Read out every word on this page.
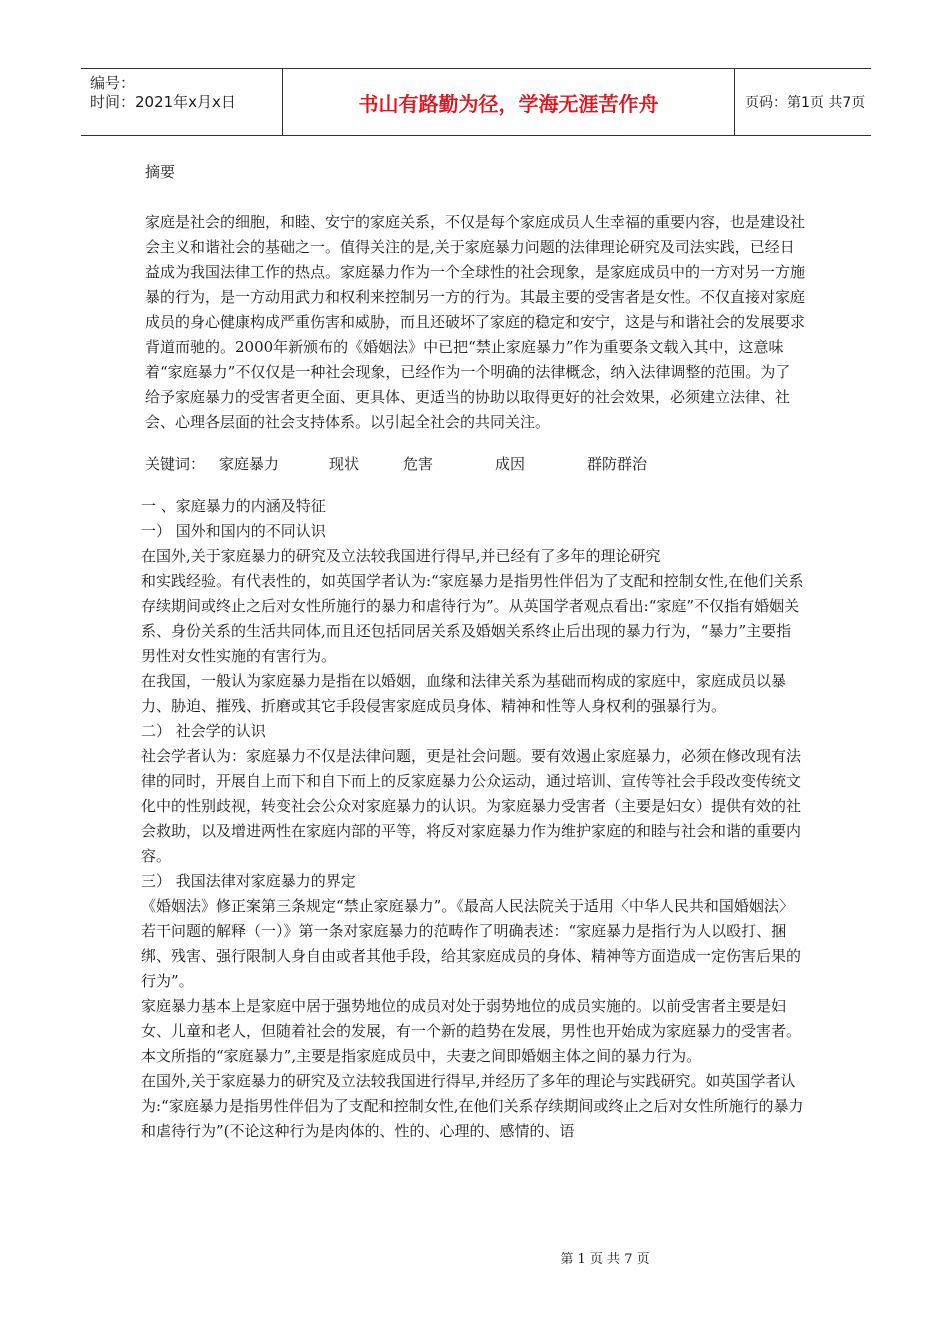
编号：
时间：2021年x月x日	书山有路勤为径，学海无涯苦作舟	页码：第1页 共7页

摘要

家庭是社会的细胞，和睦、安宁的家庭关系，不仅是每个家庭成员人生幸福的重要内容，也是建设社会主义和谐社会的基础之一。值得关注的是,关于家庭暴力问题的法律理论研究及司法实践，已经日益成为我国法律工作的热点。家庭暴力作为一个全球性的社会现象，是家庭成员中的一方对另一方施暴的行为，是一方动用武力和权利来控制另一方的行为。其最主要的受害者是女性。不仅直接对家庭成员的身心健康构成严重伤害和威胁，而且还破坏了家庭的稳定和安宁，这是与和谐社会的发展要求背道而驰的。2000年新颁布的《婚姻法》中已把“禁止家庭暴力”作为重要条文载入其中，这意味着“家庭暴力”不仅仅是一种社会现象，已经作为一个明确的法律概念，纳入法律调整的范围。为了给予家庭暴力的受害者更全面、更具体、更适当的协助以取得更好的社会效果，必须建立法律、社会、心理各层面的社会支持体系。以引起全社会的共同关注。

关键词： 家庭暴力	现状	危害	成因	群防群治

一 、家庭暴力的内涵及特征

一） 国外和国内的不同认识

在国外,关于家庭暴力的研究及立法较我国进行得早,并已经有了多年的理论研究

和实践经验。有代表性的，如英国学者认为:“家庭暴力是指男性伴侣为了支配和控制女性,在他们关系存续期间或终止之后对女性所施行的暴力和虐待行为”。从英国学者观点看出:“家庭”不仅指有婚姻关系、身份关系的生活共同体,而且还包括同居关系及婚姻关系终止后出现的暴力行为，“暴力”主要指男性对女性实施的有害行为。

在我国，一般认为家庭暴力是指在以婚姻，血缘和法律关系为基础而构成的家庭中，家庭成员以暴力、胁迫、摧残、折磨或其它手段侵害家庭成员身体、精神和性等人身权利的强暴行为。

二） 社会学的认识

社会学者认为：家庭暴力不仅是法律问题，更是社会问题。要有效遏止家庭暴力，必须在修改现有法律的同时，开展自上而下和自下而上的反家庭暴力公众运动，通过培训、宣传等社会手段改变传统文化中的性别歧视，转变社会公众对家庭暴力的认识。为家庭暴力受害者（主要是妇女）提供有效的社会救助，以及增进两性在家庭内部的平等，将反对家庭暴力作为维护家庭的和睦与社会和谐的重要内容。

三） 我国法律对家庭暴力的界定

《婚姻法》修正案第三条规定“禁止家庭暴力”。《最高人民法院关于适用〈中华人民共和国婚姻法〉若干问题的解释（一）》第一条对家庭暴力的范畴作了明确表述：“家庭暴力是指行为人以殴打、捆绑、残害、强行限制人身自由或者其他手段，给其家庭成员的身体、精神等方面造成一定伤害后果的行为”。

家庭暴力基本上是家庭中居于强势地位的成员对处于弱势地位的成员实施的。以前受害者主要是妇女、儿童和老人，但随着社会的发展，有一个新的趋势在发展，男性也开始成为家庭暴力的受害者。本文所指的“家庭暴力”,主要是指家庭成员中，夫妻之间即婚姻主体之间的暴力行为。

在国外,关于家庭暴力的研究及立法较我国进行得早,并经历了多年的理论与实践研究。如英国学者认为:“家庭暴力是指男性伴侣为了支配和控制女性,在他们关系存续期间或终止之后对女性所施行的暴力和虐待行为”(不论这种行为是肉体的、性的、心理的、感情的、语

第 1 页 共 7 页
